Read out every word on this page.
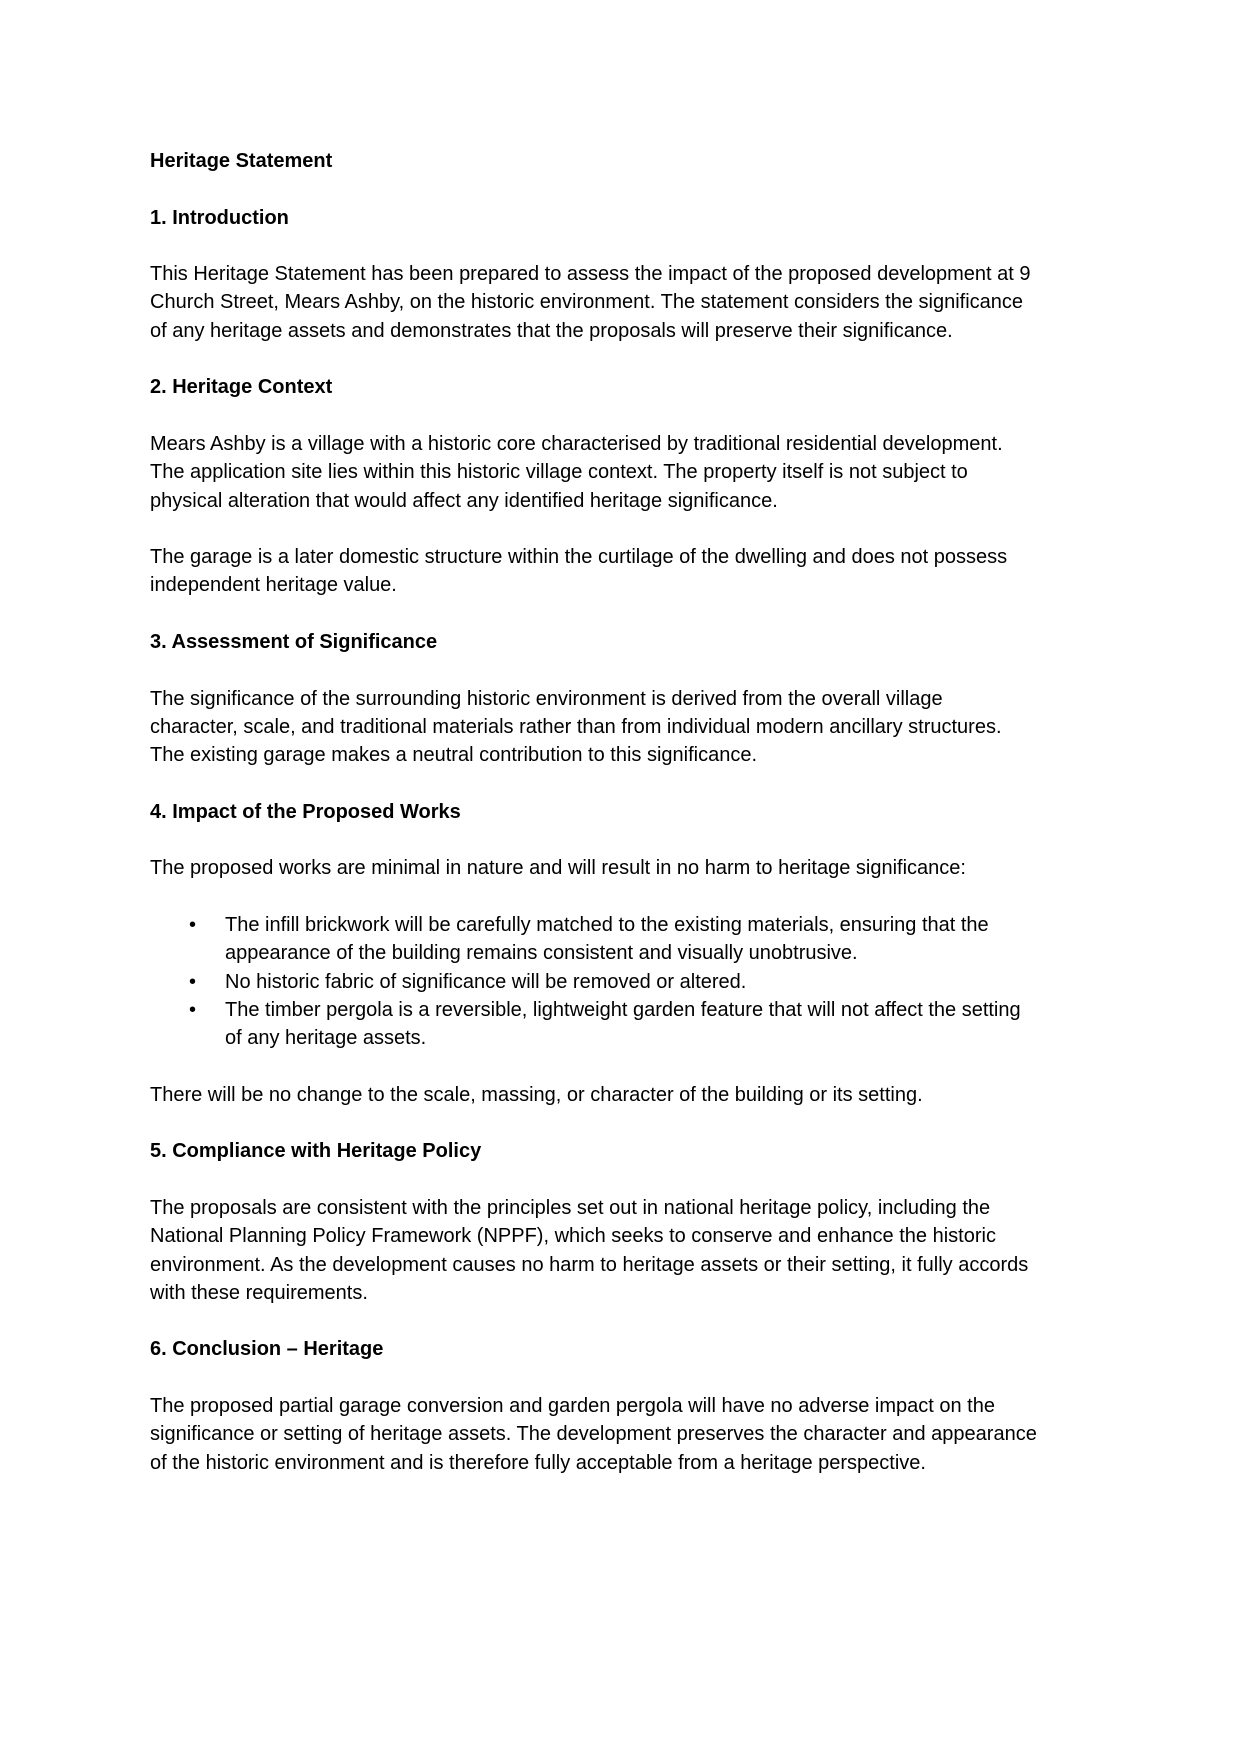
Heritage Statement
1. Introduction
This Heritage Statement has been prepared to assess the impact of the proposed development at 9
Church Street, Mears Ashby, on the historic environment. The statement considers the significance
of any heritage assets and demonstrates that the proposals will preserve their significance.
2. Heritage Context
Mears Ashby is a village with a historic core characterised by traditional residential development.
The application site lies within this historic village context. The property itself is not subject to
physical alteration that would affect any identified heritage significance.
The garage is a later domestic structure within the curtilage of the dwelling and does not possess
independent heritage value.
3. Assessment of Significance
The significance of the surrounding historic environment is derived from the overall village
character, scale, and traditional materials rather than from individual modern ancillary structures.
The existing garage makes a neutral contribution to this significance.
4. Impact of the Proposed Works
The proposed works are minimal in nature and will result in no harm to heritage significance:
• The infill brickwork will be carefully matched to the existing materials, ensuring that the
appearance of the building remains consistent and visually unobtrusive.
• No historic fabric of significance will be removed or altered.
• The timber pergola is a reversible, lightweight garden feature that will not affect the setting
of any heritage assets.
There will be no change to the scale, massing, or character of the building or its setting.
5. Compliance with Heritage Policy
The proposals are consistent with the principles set out in national heritage policy, including the
National Planning Policy Framework (NPPF), which seeks to conserve and enhance the historic
environment. As the development causes no harm to heritage assets or their setting, it fully accords
with these requirements.
6. Conclusion – Heritage
The proposed partial garage conversion and garden pergola will have no adverse impact on the
significance or setting of heritage assets. The development preserves the character and appearance
of the historic environment and is therefore fully acceptable from a heritage perspective.
